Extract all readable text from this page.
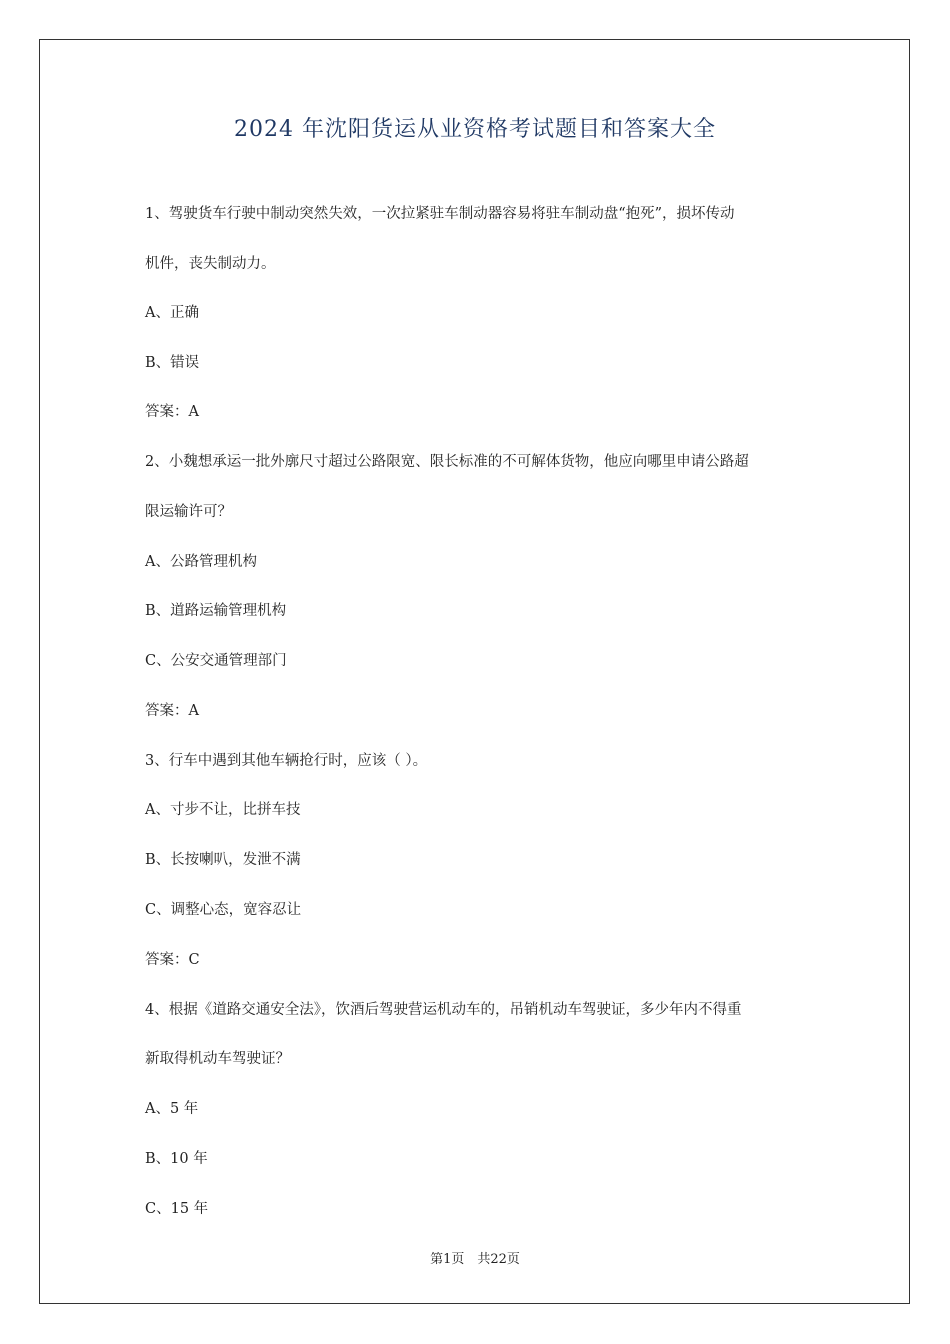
2024 年沈阳货运从业资格考试题目和答案大全
1、驾驶货车行驶中制动突然失效，一次拉紧驻车制动器容易将驻车制动盘“抱死”，损坏传动
机件，丧失制动力。
A、正确
B、错误
答案：A
2、小魏想承运一批外廓尺寸超过公路限宽、限长标准的不可解体货物，他应向哪里申请公路超
限运输许可？
A、公路管理机构
B、道路运输管理机构
C、公安交通管理部门
答案：A
3、行车中遇到其他车辆抢行时，应该（ ）。
A、寸步不让，比拼车技
B、长按喇叭，发泄不满
C、调整心态，宽容忍让
答案：C
4、根据《道路交通安全法》，饮酒后驾驶营运机动车的，吊销机动车驾驶证，多少年内不得重
新取得机动车驾驶证？
A、5 年
B、10 年
C、15 年
第1页　共22页
